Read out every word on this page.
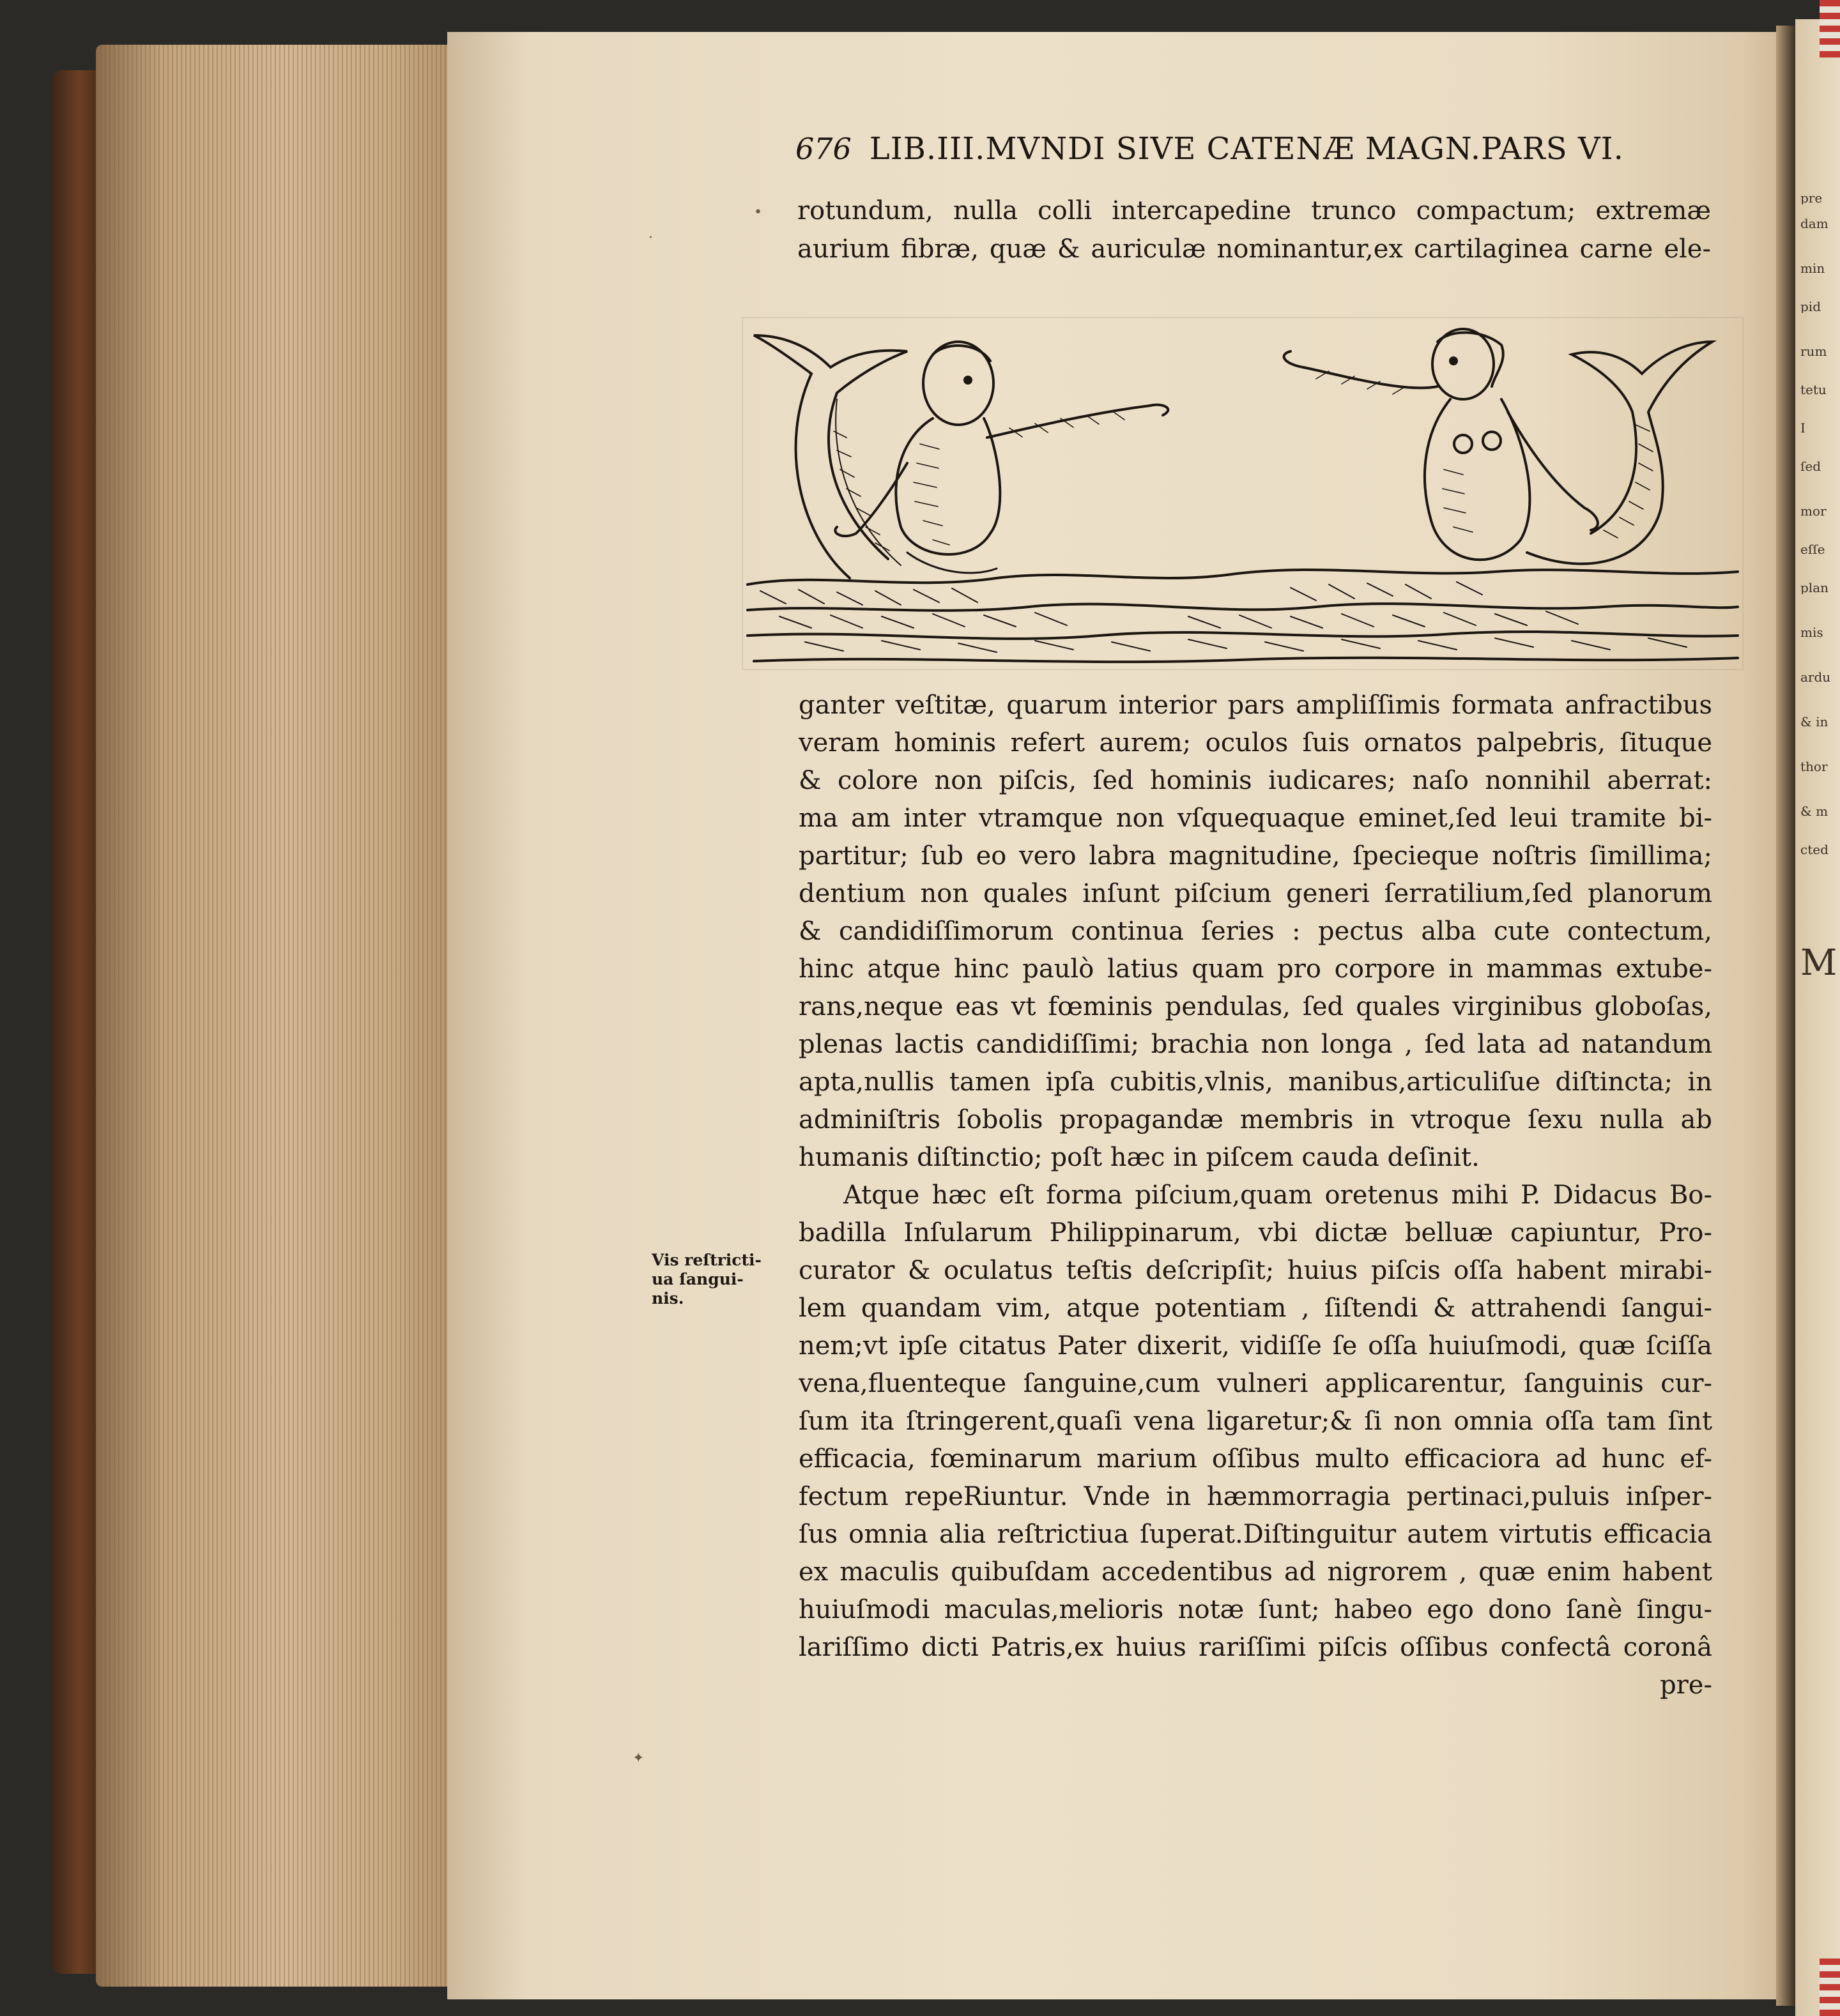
pre
dam
min
pid
rum
tetu
I
ſed
mor
eſſe
plan
mis
ardu
& in
thor
& m
cted
M
676 LIB.III.MVNDI SIVE CATENÆ MAGN.PARS VI.
rotundum, nulla colli intercapedine trunco compactum; extremæ
aurium fibræ, quæ & auriculæ nominantur,ex cartilaginea carne ele-
ganter veſtitæ, quarum interior pars ampliſſimis formata anfractibus
veram hominis refert aurem; oculos ſuis ornatos palpebris, ſituque
& colore non piſcis, ſed hominis iudicares; naſo nonnihil aberrat:
ma am inter vtramque non vſquequaque eminet,ſed leui tramite bi-
partitur; ſub eo vero labra magnitudine, ſpecieque noſtris ſimillima;
dentium non quales inſunt piſcium generi ſerratilium,ſed planorum
& candidiſſimorum continua ſeries : pectus alba cute contectum,
hinc atque hinc paulò latius quam pro corpore in mammas extube-
rans,neque eas vt fœminis pendulas, ſed quales virginibus globoſas,
plenas lactis candidiſſimi; brachia non longa , ſed lata ad natandum
apta,nullis tamen ipſa cubitis,vlnis, manibus,articuliſue diſtincta; in
adminiſtris ſobolis propagandæ membris in vtroque ſexu nulla ab
humanis diſtinctio; poſt hæc in piſcem cauda deſinit.
Atque hæc eſt forma piſcium,quam oretenus mihi P. Didacus Bo-
badilla Inſularum Philippinarum, vbi dictæ belluæ capiuntur, Pro-
curator & oculatus teſtis deſcripſit; huius piſcis oſſa habent mirabi-
lem quandam vim, atque potentiam , ſiſtendi & attrahendi ſangui-
nem;vt ipſe citatus Pater dixerit, vidiſſe ſe oſſa huiuſmodi, quæ ſciſſa
vena,fluenteque ſanguine,cum vulneri applicarentur, ſanguinis cur-
ſum ita ſtringerent,quaſi vena ligaretur;& ſi non omnia oſſa tam ſint
efficacia, fœminarum marium oſſibus multo efficaciora ad hunc ef-
fectum repeRiuntur. Vnde in hæmmorragia pertinaci,puluis inſper-
ſus omnia alia reſtrictiua ſuperat.Diſtinguitur autem virtutis efficacia
ex maculis quibuſdam accedentibus ad nigrorem , quæ enim habent
huiuſmodi maculas,melioris notæ ſunt; habeo ego dono ſanè ſingu-
lariſſimo dicti Patris,ex huius rariſſimi piſcis oſſibus confectâ coronâ
pre-
Vis reſtricti-
ua ſangui-
nis.
•
·
✦
